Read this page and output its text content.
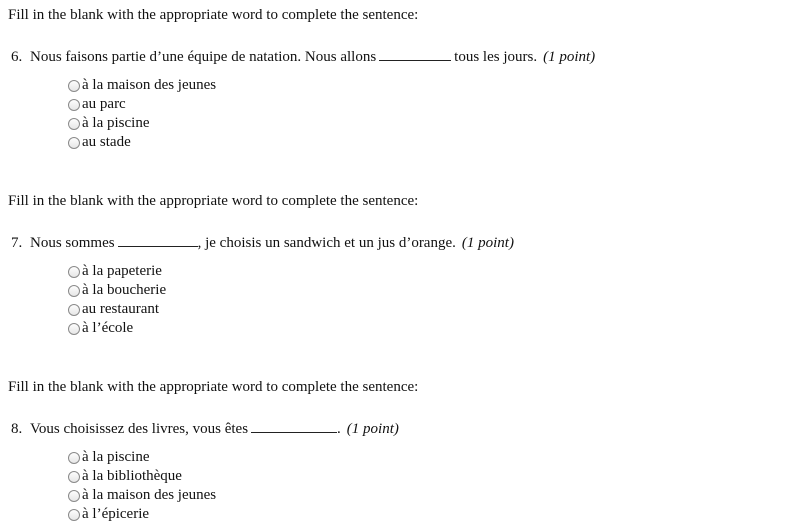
Fill in the blank with the appropriate word to complete the sentence:
6. Nous faisons partie d’une équipe de natation. Nous allons	tous les jours. (1 point)
à la maison des jeunes
au parc
à la piscine
au stade
Fill in the blank with the appropriate word to complete the sentence:
7. Nous sommes	, je choisis un sandwich et un jus d’orange. (1 point)
à la papeterie
à la boucherie
au restaurant
à l’école
Fill in the blank with the appropriate word to complete the sentence:
8. Vous choisissez des livres, vous êtes	. (1 point)
à la piscine
à la bibliothèque
à la maison des jeunes
à l’épicerie
